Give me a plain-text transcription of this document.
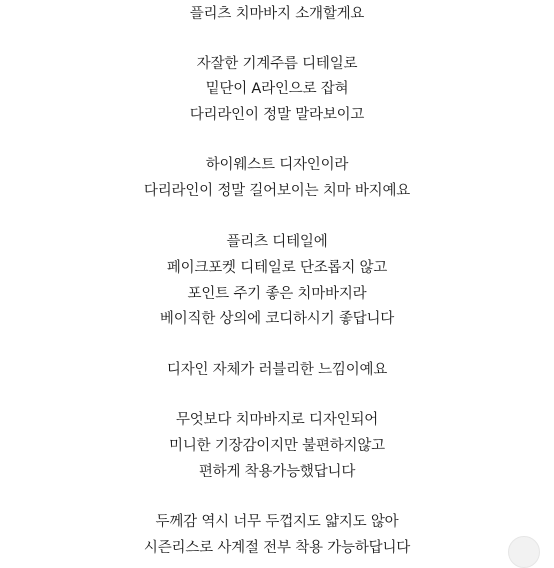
플리츠 치마바지 소개할게요
자잘한 기계주름 디테일로
밑단이 A라인으로 잡혀
다리라인이 정말 말라보이고
하이웨스트 디자인이라
다리라인이 정말 길어보이는 치마 바지예요
플리츠 디테일에
페이크포켓 디테일로 단조롭지 않고
포인트 주기 좋은 치마바지라
베이직한 상의에 코디하시기 좋답니다
디자인 자체가 러블리한 느낌이예요
무엇보다 치마바지로 디자인되어
미니한 기장감이지만 불편하지않고
편하게 착용가능했답니다
두께감 역시 너무 두껍지도 얇지도 않아
시즌리스로 사계절 전부 착용 가능하답니다
